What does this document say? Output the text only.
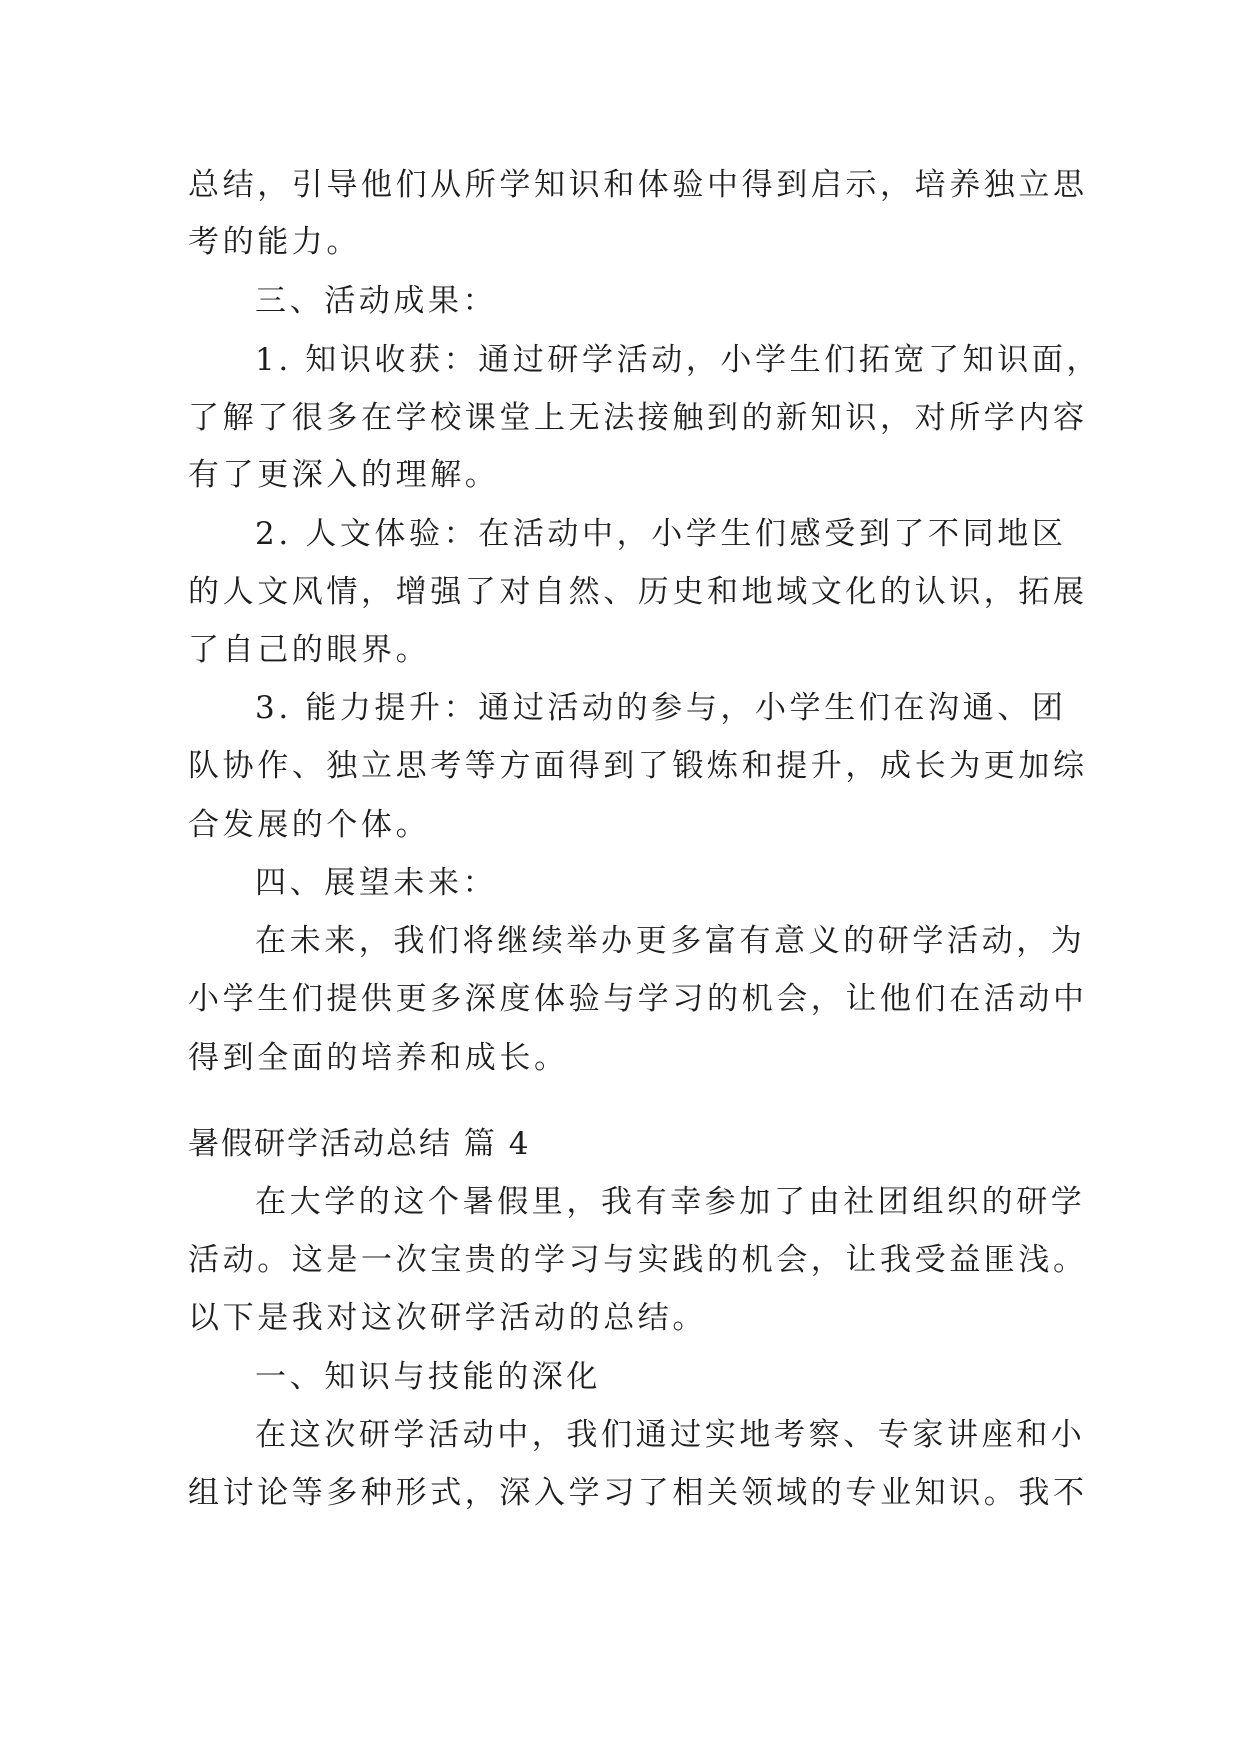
总结，引导他们从所学知识和体验中得到启示，培养独立思
考的能力。
三、活动成果：
1. 知识收获：通过研学活动，小学生们拓宽了知识面，
了解了很多在学校课堂上无法接触到的新知识，对所学内容
有了更深入的理解。
2. 人文体验：在活动中，小学生们感受到了不同地区
的人文风情，增强了对自然、历史和地域文化的认识，拓展
了自己的眼界。
3. 能力提升：通过活动的参与，小学生们在沟通、团
队协作、独立思考等方面得到了锻炼和提升，成长为更加综
合发展的个体。
四、展望未来：
在未来，我们将继续举办更多富有意义的研学活动，为
小学生们提供更多深度体验与学习的机会，让他们在活动中
得到全面的培养和成长。
暑假研学活动总结 篇 4
在大学的这个暑假里，我有幸参加了由社团组织的研学
活动。这是一次宝贵的学习与实践的机会，让我受益匪浅。
以下是我对这次研学活动的总结。
一、知识与技能的深化
在这次研学活动中，我们通过实地考察、专家讲座和小
组讨论等多种形式，深入学习了相关领域的专业知识。我不
